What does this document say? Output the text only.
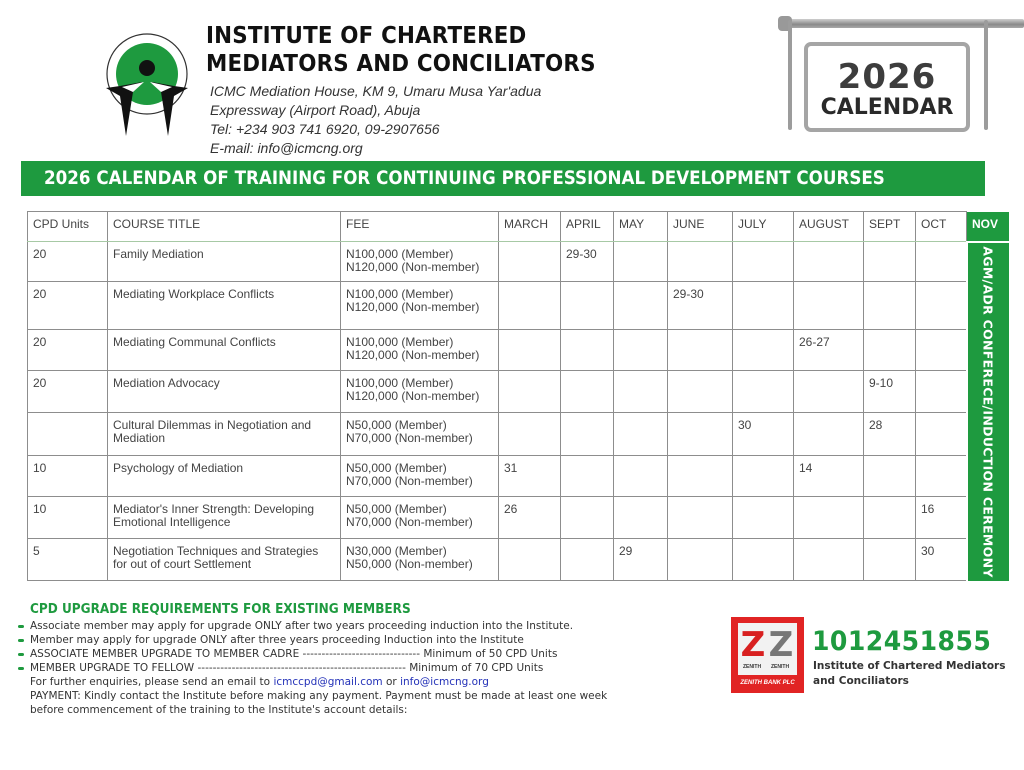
INSTITUTE OF CHARTERED
MEDIATORS AND CONCILIATORS
ICMC Mediation House, KM 9, Umaru Musa Yar'adua
Expressway (Airport Road), Abuja
Tel: +234 903 741 6920, 09-2907656
E-mail: info@icmcng.org
2026
CALENDAR
2026 CALENDAR OF TRAINING FOR CONTINUING PROFESSIONAL DEVELOPMENT COURSES
CPD Units	COURSE TITLE	FEE	MARCH	APRIL	MAY	JUNE	JULY	AUGUST	SEPT	OCT	NOV
20	Family Mediation	N100,000 (Member)
N120,000 (Non-member)		29-30							AGM/ADR CONFERECE/INDUCTION CEREMONY

20	Mediating Workplace Conflicts	N100,000 (Member)
N120,000 (Non-member)				29-30					
20	Mediating Communal Conflicts	N100,000 (Member)
N120,000 (Non-member)						26-27			
20	Mediation Advocacy	N100,000 (Member)
N120,000 (Non-member)							9-10		
	Cultural Dilemmas in Negotiation and Mediation	N50,000 (Member)
N70,000 (Non-member)					30		28		
10	Psychology of Mediation	N50,000 (Member)
N70,000 (Non-member)	31					14			
10	Mediator's Inner Strength: Developing Emotional Intelligence	N50,000 (Member)
N70,000 (Non-member)	26							16	
5	Negotiation Techniques and Strategies for out of court Settlement	N30,000 (Member)
N50,000 (Non-member)			29					30	
CPD UPGRADE REQUIREMENTS FOR EXISTING MEMBERS
Associate member may apply for upgrade ONLY after two years proceeding induction into the Institute.
Member may apply for upgrade ONLY after three years proceeding Induction into the Institute
ASSOCIATE MEMBER UPGRADE TO MEMBER CADRE ------------------------------- Minimum of 50 CPD Units
MEMBER UPGRADE TO FELLOW ------------------------------------------------------- Minimum of 70 CPD Units
For further enquiries, please send an email to icmccpd@gmail.com or info@icmcng.org
PAYMENT: Kindly contact the Institute before making any payment. Payment must be made at least one week
before commencement of the training to the Institute's account details:
Z Z
ZENITH ZENITH
ZENITH BANK PLC
1012451855
Institute of Chartered Mediators
and Conciliators
